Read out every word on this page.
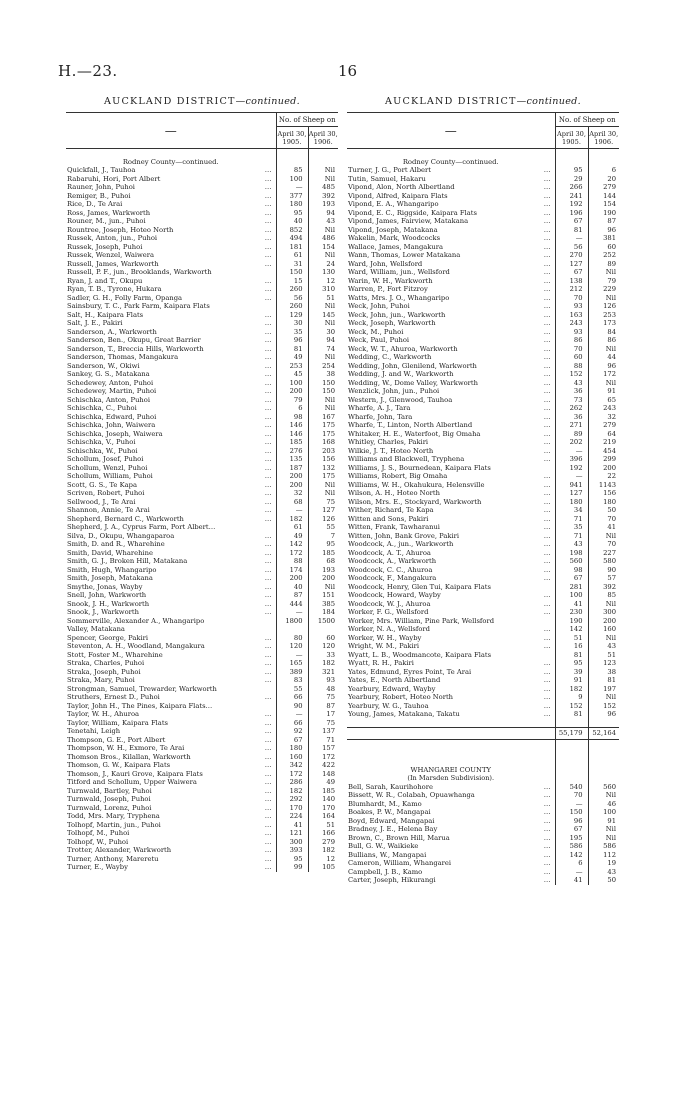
H.—23.	16
AUCKLAND DISTRICT—continued.
—	No. of Sheep on	
	April 30,
1905.	April 30,
1906.

Rodney County—continued.		
Quickfall, J., Tauhoa …	85	Nil
Rabaruhi, Hori, Port Albert …	100	Nil
Rauner, John, Puhoi …	—	485
Remiger, B., Puhoi …	377	392
Rice, D., Te Arai …	180	193
Ross, James, Warkworth …	95	94
Rouner, M., jun., Puhoi …	40	43
Rountree, Joseph, Hoteo North …	852	Nil
Russek, Anton, jun., Puhoi …	494	486
Russek, Joseph, Puhoi …	181	154
Russek, Wenzel, Waiwera …	61	Nil
Russell, James, Warkworth …	31	24
Russell, P. F., jun., Brooklands, Warkworth	150	130
Ryan, J. and T., Okupu …	15	12
Ryan, T. B., Tyrone, Hukara …	260	310
Sadler, G. H., Folly Farm, Opanga …	56	51
Sainsbury, T. C., Park Farm, Kaipara Flats	260	Nil
Salt, H., Kaipara Flats …	129	145
Salt, J. E., Pakiri …	30	Nil
Sanderson, A., Warkworth …	35	30
Sanderson, Ben., Okupu, Great Barrier …	96	94
Sanderson, T., Breccia Hills, Warkworth …	81	74
Sanderson, Thomas, Mangakura …	49	Nil
Sanderson, W., Okiwi …	253	254
Sankey, G. S., Matakana …	45	38
Schedewey, Anton, Puhoi …	100	150
Schedewey, Martin, Puhoi …	200	150
Schischka, Anton, Puhoi …	79	Nil
Schischka, C., Puhoi …	6	Nil
Schischka, Edward, Puhoi …	98	167
Schischka, John, Waiwera …	146	175
Schischka, Joseph, Waiwera …	146	175
Schischka, V., Puhoi …	185	168
Schischka, W., Puhoi …	276	203
Schollum, Josef, Puhoi …	135	156
Schollum, Wenzl, Puhoi …	187	132
Schollum, William, Puhoi …	200	175
Scott, G. S., Te Kapa …	200	Nil
Scriven, Robert, Puhoi …	32	Nil
Sellwood, J., Te Arai …	68	75
Shannon, Annie, Te Arai …	—	127
Shepherd, Bernard C., Warkworth …	182	126
Shepherd, J. A., Cyprus Farm, Port Albert…	61	55
Silva, D., Okupu, Whangaparoa …	49	7
Smith, D. and R., Wharehine …	142	95
Smith, David, Wharehine …	172	185
Smith, G. J., Broken Hill, Matakana …	88	68
Smith, Hugh, Whangaripo …	174	193
Smith, Joseph, Matakana …	200	200
Smythe, Jonas, Wayby …	40	Nil
Snell, John, Warkworth …	87	151
Snook, J. H., Warkworth …	444	385
Snook, J., Warkworth …	—	184
Sommerville, Alexander A., Whangaripo	1800	1500
Valley, Matakana		
Spencer, George, Pakiri …	80	60
Steventon, A. H., Woodland, Mangakura …	120	120
Stott, Foster M., Wharehine …	—	33
Straka, Charles, Puhoi …	165	182
Straka, Joseph, Puhoi …	389	321
Straka, Mary, Puhoi …	83	93
Strongman, Samuel, Trewarder, Warkworth	55	48
Struthers, Ernest D., Puhoi …	66	75
Taylor, John H., The Pines, Kaipara Flats…	90	87
Taylor, W. H., Ahuroa …	—	17
Taylor, William, Kaipara Flats …	66	75
Tenetahi, Leigh …	92	137
Thompson, G. E., Port Albert …	67	71
Thompson, W. H., Exmore, Te Arai …	180	157
Thomson Bros., Kilallan, Warkworth …	160	172
Thomson, G. W., Kaipara Flats …	342	422
Thomson, J., Kauri Grove, Kaipara Flats …	172	148
Titford and Schollum, Upper Waiwera …	286	49
Turnwald, Bartley, Puhoi …	182	185
Turnwald, Joseph, Puhoi …	292	140
Turnwald, Lorenz, Puhoi …	170	170
Todd, Mrs. Mary, Tryphena …	224	164
Tolhopf, Martin, jun., Puhoi …	41	51
Tolhopf, M., Puhoi …	121	166
Tolhopf, W., Puhoi …	300	279
Trotter, Alexander, Warkworth …	393	182
Turner, Anthony, Mareretu …	95	12
Turner, E., Wayby …	99	105
AUCKLAND DISTRICT—continued.
—	No. of Sheep on	
	April 30,
1905.	April 30,
1906.

Rodney County—continued.		
Turner, J. G., Port Albert …	95	6
Tutin, Samuel, Hakaru …	29	20
Vipond, Alon, North Albertland …	266	279
Vipond, Alfred, Kaipara Flats …	241	144
Vipond, E. A., Whangaripo …	192	154
Vipond, E. C., Riggside, Kaipara Flats …	196	190
Vipond, James, Fairview, Matakana …	67	87
Vipond, Joseph, Matakana …	81	96
Wakelin, Mark, Woodcocks …	—	381
Wallace, James, Mangakura …	56	60
Wann, Thomas, Lower Matakana …	270	252
Ward, John, Wellsford …	127	89
Ward, William, jun., Wellsford …	67	Nil
Warin, W. H., Warkworth …	138	79
Warren, P., Fort Fitzroy …	212	229
Watts, Mrs. J. O., Whangaripo …	70	Nil
Weck, John, Puhoi …	93	126
Weck, John, jun., Warkworth …	163	253
Weck, Joseph, Warkworth …	243	173
Weck, M., Puhoi …	93	84
Weck, Paul, Puhoi …	86	86
Weck, W. T., Ahuroa, Warkworth …	70	Nil
Wedding, C., Warkworth …	60	44
Wedding, John, Glenilend, Warkworth …	88	96
Wedding, J. and W., Warkworth …	152	172
Wedding, W., Dome Valley, Warkworth …	43	Nil
Wenzlick, John, jun., Puhoi …	36	91
Western, J., Glenwood, Tauhoa …	73	65
Wharfe, A. J., Tara …	262	243
Wharfe, John, Tara …	36	32
Wharfe, T., Linton, North Albertland …	271	279
Whitaker, H. E., Waterfoot, Big Omaha …	89	64
Whitley, Charles, Pakiri …	202	219
Wilkie, J. T., Hoteo North …	—	454
Williams and Blackwell, Tryphena …	396	299
Williams, J. S., Bournedean, Kaipara Flats	192	200
Williams, Robert, Big Omaha …	—	22
Williams, W. H., Okahukura, Helensville …	941	1143
Wilson, A. H., Hoteo North …	127	156
Wilson, Mrs. E., Stockyard, Warkworth …	180	180
Wither, Richard, Te Kapa …	34	50
Witten and Sons, Pakiri …	71	70
Witten, Frank, Tawharanui …	35	41
Witten, John, Bank Grove, Pakiri …	71	Nil
Woodcock, A., jun., Warkworth …	43	70
Woodcock, A. T., Ahuroa …	198	227
Woodcock, A., Warkworth …	560	580
Woodcock, C. C., Ahuroa …	98	90
Woodcock, F., Mangakura …	67	57
Woodcock, Henry, Glen Tui, Kaipara Flats	281	392
Woodcock, Howard, Wayby …	100	85
Woodcock, W. J., Ahuroa …	41	Nil
Worker, F. G., Wellsford …	230	300
Worker, Mrs. William, Pine Park, Wellsford	190	200
Worker, N. A., Wellsford …	142	160
Worker, W. H., Wayby …	51	Nil
Wright, W. M., Pakiri …	16	43
Wyatt, L. B., Woodmancote, Kaipara Flats	81	51
Wyatt, R. H., Pakiri …	95	123
Yates, Edmund, Eyres Point, Te Arai …	39	38
Yates, E., North Albertland …	91	81
Yearbury, Edward, Wayby …	182	197
Yearbury, Robert, Hoteo North …	9	Nil
Yearbury, W. G., Tauhoa …	152	152
Young, James, Matakana, Takatu …	81	96

	55,179	52,164

WHANGAREI COUNTY		
(In Marsden Subdivision).		
Bell, Sarah, Kaurihohore …	540	560
Bissett, W. R., Colabah, Opuawhanga …	70	Nil
Blumhardt, M., Kamo …	—	46
Boakes, P. W., Mangapai …	150	100
Boyd, Edward, Mangapai …	96	91
Bradney, J. E., Helena Bay …	67	Nil
Brown, C., Brown Hill, Maruа …	195	Nil
Bull, G. W., Waikieke …	586	586
Bullians, W., Mangapai …	142	112
Cameron, William, Whangarei …	6	19
Campbell, J. B., Kamo …	—	43
Carter, Joseph, Hikurangi …	41	50
